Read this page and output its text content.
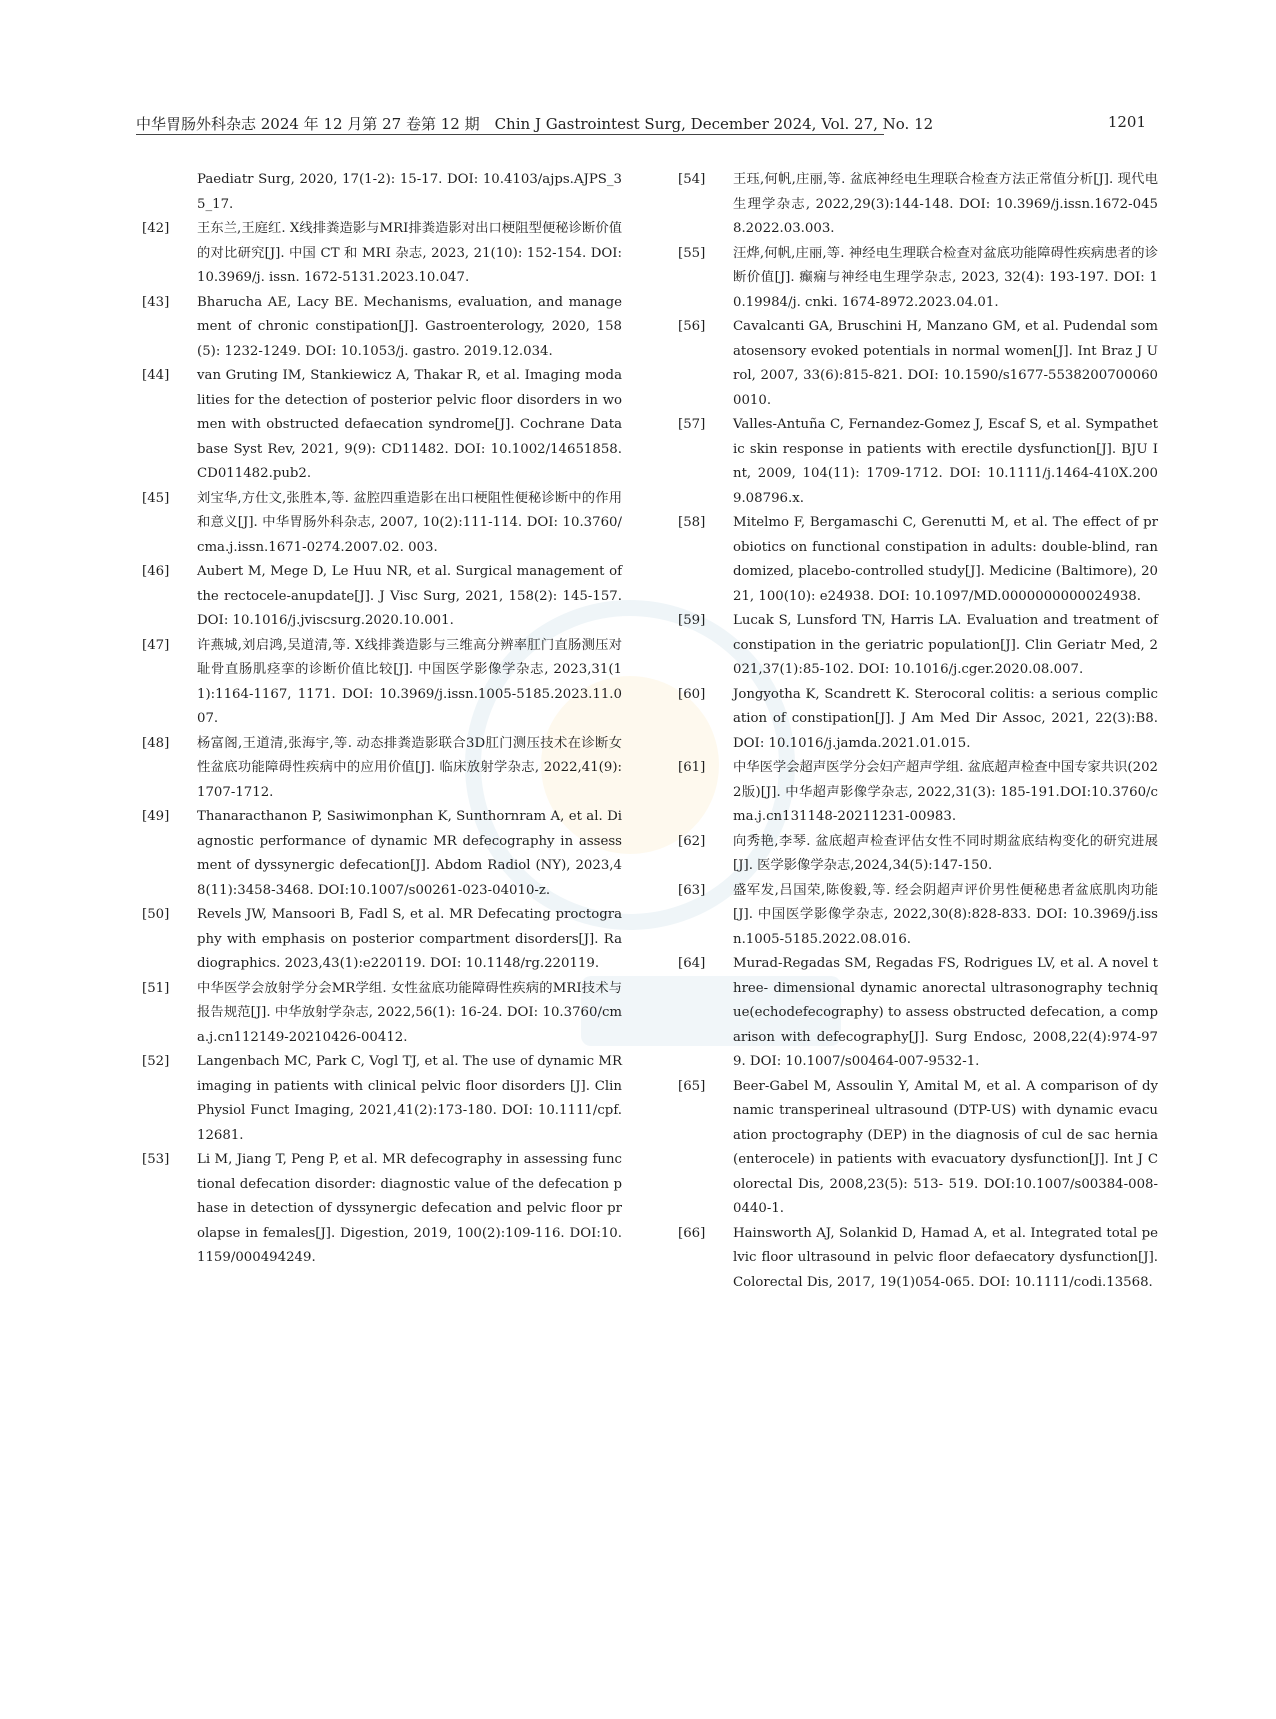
中华胃肠外科杂志 2024 年 12 月第 27 卷第 12 期　Chin J Gastrointest Surg, December 2024, Vol. 27, No. 12	1201
Paediatr Surg, 2020, 17(1-2): 15-17. DOI: 10.4103/ajps.AJPS_35_17.
[42] 王东兰,王庭红. X线排粪造影与MRI排粪造影对出口梗阻型便秘诊断价值的对比研究[J]. 中国 CT 和 MRI 杂志, 2023, 21(10): 152-154. DOI: 10.3969/j. issn. 1672-5131.2023.10.047.
[43] Bharucha AE, Lacy BE. Mechanisms, evaluation, and management of chronic constipation[J]. Gastroenterology, 2020, 158(5): 1232-1249. DOI: 10.1053/j. gastro. 2019.12.034.
[44] van Gruting IM, Stankiewicz A, Thakar R, et al. Imaging modalities for the detection of posterior pelvic floor disorders in women with obstructed defaecation syndrome[J]. Cochrane Database Syst Rev, 2021, 9(9): CD11482. DOI: 10.1002/14651858.CD011482.pub2.
[45] 刘宝华,方仕文,张胜本,等. 盆腔四重造影在出口梗阻性便秘诊断中的作用和意义[J]. 中华胃肠外科杂志, 2007, 10(2):111-114. DOI: 10.3760/cma.j.issn.1671-0274.2007.02. 003.
[46] Aubert M, Mege D, Le Huu NR, et al. Surgical management of the rectocele-anupdate[J]. J Visc Surg, 2021, 158(2): 145-157. DOI: 10.1016/j.jviscsurg.2020.10.001.
[47] 许燕城,刘启鸿,吴道清,等. X线排粪造影与三维高分辨率肛门直肠测压对耻骨直肠肌痉挛的诊断价值比较[J]. 中国医学影像学杂志, 2023,31(11):1164-1167, 1171. DOI: 10.3969/j.issn.1005-5185.2023.11.007.
[48] 杨富阁,王道清,张海宇,等. 动态排粪造影联合3D肛门测压技术在诊断女性盆底功能障碍性疾病中的应用价值[J]. 临床放射学杂志, 2022,41(9):1707-1712.
[49] Thanaracthanon P, Sasiwimonphan K, Sunthornram A, et al. Diagnostic performance of dynamic MR defecography in assessment of dyssynergic defecation[J]. Abdom Radiol (NY), 2023,48(11):3458-3468. DOI:10.1007/s00261-023-04010-z.
[50] Revels JW, Mansoori B, Fadl S, et al. MR Defecating proctography with emphasis on posterior compartment disorders[J]. Radiographics. 2023,43(1):e220119. DOI: 10.1148/rg.220119.
[51] 中华医学会放射学分会MR学组. 女性盆底功能障碍性疾病的MRI技术与报告规范[J]. 中华放射学杂志, 2022,56(1): 16-24. DOI: 10.3760/cma.j.cn112149-20210426-00412.
[52] Langenbach MC, Park C, Vogl TJ, et al. The use of dynamic MR imaging in patients with clinical pelvic floor disorders [J]. Clin Physiol Funct Imaging, 2021,41(2):173-180. DOI: 10.1111/cpf.12681.
[53] Li M, Jiang T, Peng P, et al. MR defecography in assessing functional defecation disorder: diagnostic value of the defecation phase in detection of dyssynergic defecation and pelvic floor prolapse in females[J]. Digestion, 2019, 100(2):109-116. DOI:10.1159/000494249.
[54] 王珏,何帆,庄丽,等. 盆底神经电生理联合检查方法正常值分析[J]. 现代电生理学杂志, 2022,29(3):144-148. DOI: 10.3969/j.issn.1672-0458.2022.03.003.
[55] 汪烨,何帆,庄丽,等. 神经电生理联合检查对盆底功能障碍性疾病患者的诊断价值[J]. 癫痫与神经电生理学杂志, 2023, 32(4): 193-197. DOI: 10.19984/j. cnki. 1674-8972.2023.04.01.
[56] Cavalcanti GA, Bruschini H, Manzano GM, et al. Pudendal somatosensory evoked potentials in normal women[J]. Int Braz J Urol, 2007, 33(6):815-821. DOI: 10.1590/s1677-55382007000600010.
[57] Valles-Antuña C, Fernandez-Gomez J, Escaf S, et al. Sympathetic skin response in patients with erectile dysfunction[J]. BJU Int, 2009, 104(11): 1709-1712. DOI: 10.1111/j.1464-410X.2009.08796.x.
[58] Mitelmo F, Bergamaschi C, Gerenutti M, et al. The effect of probiotics on functional constipation in adults: double-blind, randomized, placebo-controlled study[J]. Medicine (Baltimore), 2021, 100(10): e24938. DOI: 10.1097/MD.0000000000024938.
[59] Lucak S, Lunsford TN, Harris LA. Evaluation and treatment of constipation in the geriatric population[J]. Clin Geriatr Med, 2021,37(1):85-102. DOI: 10.1016/j.cger.2020.08.007.
[60] Jongyotha K, Scandrett K. Sterocoral colitis: a serious complication of constipation[J]. J Am Med Dir Assoc, 2021, 22(3):B8. DOI: 10.1016/j.jamda.2021.01.015.
[61] 中华医学会超声医学分会妇产超声学组. 盆底超声检查中国专家共识(2022版)[J]. 中华超声影像学杂志, 2022,31(3): 185-191.DOI:10.3760/cma.j.cn131148-20211231-00983.
[62] 向秀艳,李琴. 盆底超声检查评估女性不同时期盆底结构变化的研究进展[J]. 医学影像学杂志,2024,34(5):147-150.
[63] 盛军发,吕国荣,陈俊毅,等. 经会阴超声评价男性便秘患者盆底肌肉功能[J]. 中国医学影像学杂志, 2022,30(8):828-833. DOI: 10.3969/j.issn.1005-5185.2022.08.016.
[64] Murad-Regadas SM, Regadas FS, Rodrigues LV, et al. A novel three- dimensional dynamic anorectal ultrasonography technique(echodefecography) to assess obstructed defecation, a comparison with defecography[J]. Surg Endosc, 2008,22(4):974-979. DOI: 10.1007/s00464-007-9532-1.
[65] Beer-Gabel M, Assoulin Y, Amital M, et al. A comparison of dynamic transperineal ultrasound (DTP-US) with dynamic evacuation proctography (DEP) in the diagnosis of cul de sac hernia (enterocele) in patients with evacuatory dysfunction[J]. Int J Colorectal Dis, 2008,23(5): 513- 519. DOI:10.1007/s00384-008-0440-1.
[66] Hainsworth AJ, Solankid D, Hamad A, et al. Integrated total pelvic floor ultrasound in pelvic floor defaecatory dysfunction[J]. Colorectal Dis, 2017, 19(1)054-065. DOI: 10.1111/codi.13568.
